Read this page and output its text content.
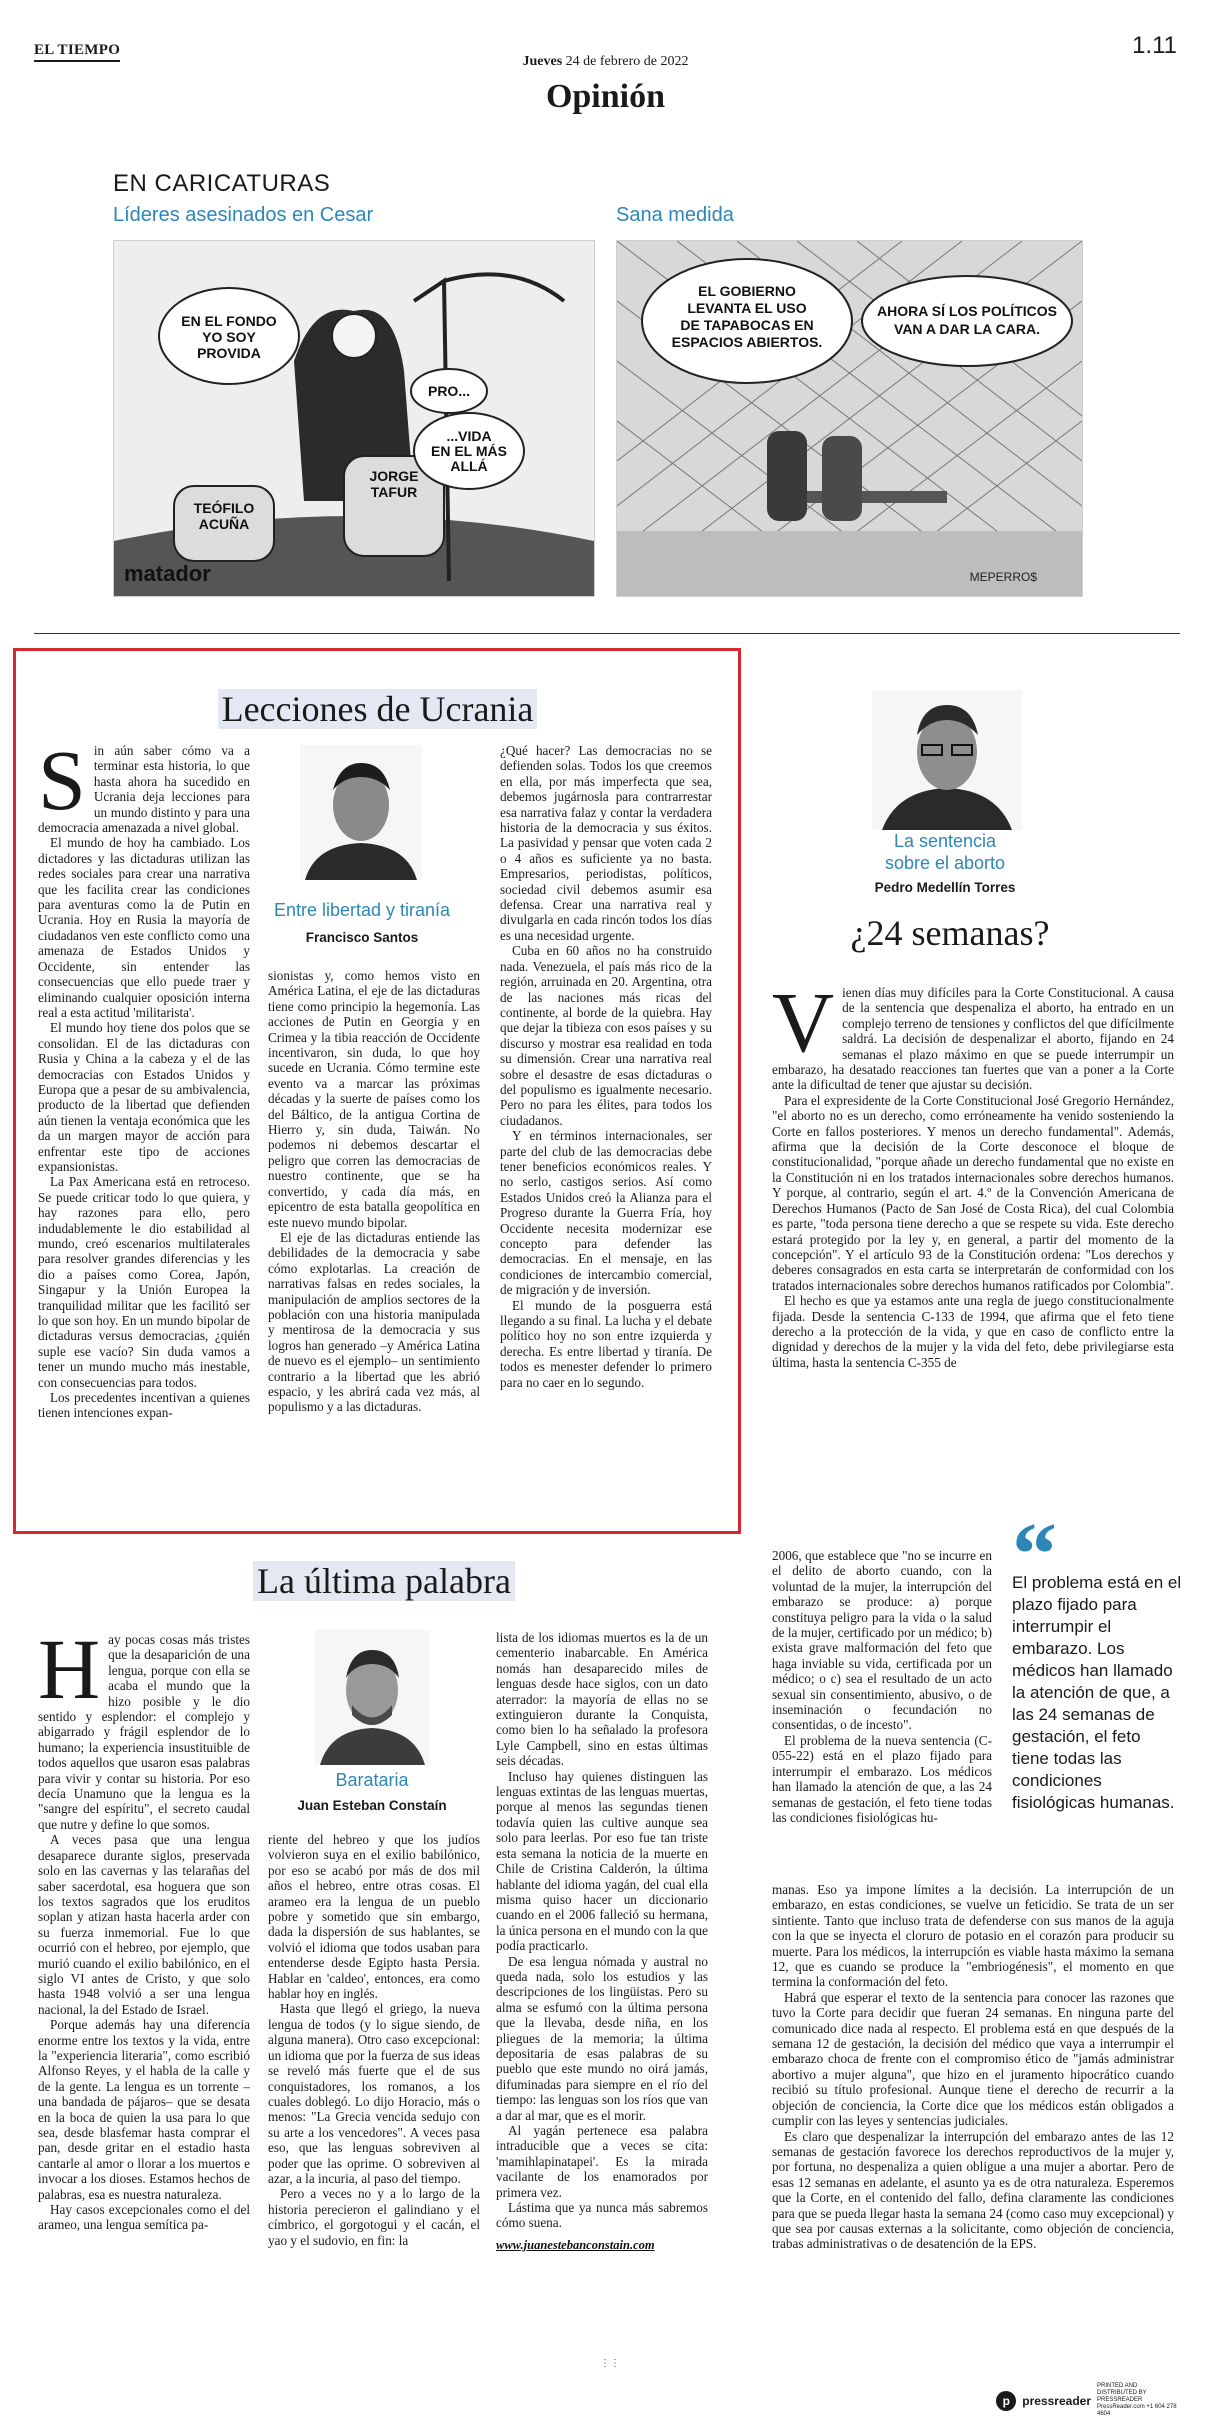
EL TIEMPO
Jueves 24 de febrero de 2022
1.11
Opinión
EN CARICATURAS
Líderes asesinados en Cesar	Sana medida
EN EL FONDO
YO SOY
PROVIDA
PRO...
...VIDA
EN EL MÁS
ALLÁ
TEÓFILO
ACUÑA
JORGE
TAFUR
matador
EL GOBIERNO
LEVANTA EL USO
DE TAPABOCAS EN
ESPACIOS ABIERTOS.
AHORA SÍ LOS POLÍTICOS
VAN A DAR LA CARA.
MEPERRO$
Lecciones de Ucrania

Sin aún saber cómo va a terminar esta historia, lo que hasta ahora ha sucedido en Ucrania deja lecciones para un mundo distinto y para una democracia amenazada a nivel global.

El mundo de hoy ha cambiado. Los dictadores y las dictaduras utilizan las redes sociales para crear una narrativa que les facilita crear las condiciones para aventuras como la de Putin en Ucrania. Hoy en Rusia la mayoría de ciudadanos ven este conflicto como una amenaza de Estados Unidos y Occidente, sin entender las consecuencias que ello puede traer y eliminando cualquier oposición interna real a esta actitud 'militarista'.

El mundo hoy tiene dos polos que se consolidan. El de las dictaduras con Rusia y China a la cabeza y el de las democracias con Estados Unidos y Europa que a pesar de su ambivalencia, producto de la libertad que defienden aún tienen la ventaja económica que les da un margen mayor de acción para enfrentar este tipo de acciones expansionistas.

La Pax Americana está en retroceso. Se puede criticar todo lo que quiera, y hay razones para ello, pero indudablemente le dio estabilidad al mundo, creó escenarios multilaterales para resolver grandes diferencias y les dio a países como Corea, Japón, Singapur y la Unión Europea la tranquilidad militar que les facilitó ser lo que son hoy. En un mundo bipolar de dictaduras versus democracias, ¿quién suple ese vacío? Sin duda vamos a tener un mundo mucho más inestable, con consecuencias para todos.

Los precedentes incentivan a quienes tienen intenciones expan-

Entre libertad y tiranía
Francisco Santos

sionistas y, como hemos visto en América Latina, el eje de las dictaduras tiene como principio la hegemonía. Las acciones de Putin en Georgia y en Crimea y la tibia reacción de Occidente incentivaron, sin duda, lo que hoy sucede en Ucrania. Cómo termine este evento va a marcar las próximas décadas y la suerte de países como los del Báltico, de la antigua Cortina de Hierro y, sin duda, Taiwán. No podemos ni debemos descartar el peligro que corren las democracias de nuestro continente, que se ha convertido, y cada día más, en epicentro de esta batalla geopolítica en este nuevo mundo bipolar.

El eje de las dictaduras entiende las debilidades de la democracia y sabe cómo explotarlas. La creación de narrativas falsas en redes sociales, la manipulación de amplios sectores de la población con una historia manipulada y mentirosa de la democracia y sus logros han generado –y América Latina de nuevo es el ejemplo– un sentimiento contrario a la libertad que les abrió espacio, y les abrirá cada vez más, al populismo y a las dictaduras.

¿Qué hacer? Las democracias no se defienden solas. Todos los que creemos en ella, por más imperfecta que sea, debemos jugárnosla para contrarrestar esa narrativa falaz y contar la verdadera historia de la democracia y sus éxitos. La pasividad y pensar que voten cada 2 o 4 años es suficiente ya no basta. Empresarios, periodistas, políticos, sociedad civil debemos asumir esa defensa. Crear una narrativa real y divulgarla en cada rincón todos los días es una necesidad urgente.

Cuba en 60 años no ha construido nada. Venezuela, el país más rico de la región, arruinada en 20. Argentina, otra de las naciones más ricas del continente, al borde de la quiebra. Hay que dejar la tibieza con esos países y su discurso y mostrar esa realidad en toda su dimensión. Crear una narrativa real sobre el desastre de esas dictaduras o del populismo es igualmente necesario. Pero no para les élites, para todos los ciudadanos.

Y en términos internacionales, ser parte del club de las democracias debe tener beneficios económicos reales. Y no serlo, castigos serios. Así como Estados Unidos creó la Alianza para el Progreso durante la Guerra Fría, hoy Occidente necesita modernizar ese concepto para defender las democracias. En el mensaje, en las condiciones de intercambio comercial, de migración y de inversión.

El mundo de la posguerra está llegando a su final. La lucha y el debate político hoy no son entre izquierda y derecha. Es entre libertad y tiranía. De todos es menester defender lo primero para no caer en lo segundo.

La última palabra

Hay pocas cosas más tristes que la desaparición de una lengua, porque con ella se acaba el mundo que la hizo posible y le dio sentido y esplendor: el complejo y abigarrado y frágil esplendor de lo humano; la experiencia insustituible de todos aquellos que usaron esas palabras para vivir y contar su historia. Por eso decía Unamuno que la lengua es la "sangre del espíritu", el secreto caudal que nutre y define lo que somos.

A veces pasa que una lengua desaparece durante siglos, preservada solo en las cavernas y las telarañas del saber sacerdotal, esa hoguera que son los textos sagrados que los eruditos soplan y atizan hasta hacerla arder con su fuerza inmemorial. Fue lo que ocurrió con el hebreo, por ejemplo, que murió cuando el exilio babilónico, en el siglo VI antes de Cristo, y que solo hasta 1948 volvió a ser una lengua nacional, la del Estado de Israel.

Porque además hay una diferencia enorme entre los textos y la vida, entre la "experiencia literaria", como escribió Alfonso Reyes, y el habla de la calle y de la gente. La lengua es un torrente –una bandada de pájaros– que se desata en la boca de quien la usa para lo que sea, desde blasfemar hasta comprar el pan, desde gritar en el estadio hasta cantarle al amor o llorar a los muertos e invocar a los dioses. Estamos hechos de palabras, esa es nuestra naturaleza.

Hay casos excepcionales como el del arameo, una lengua semítica pa-

Barataria
Juan Esteban Constaín

riente del hebreo y que los judíos volvieron suya en el exilio babilónico, por eso se acabó por más de dos mil años el hebreo, entre otras cosas. El arameo era la lengua de un pueblo pobre y sometido que sin embargo, dada la dispersión de sus hablantes, se volvió el idioma que todos usaban para entenderse desde Egipto hasta Persia. Hablar en 'caldeo', entonces, era como hablar hoy en inglés.

Hasta que llegó el griego, la nueva lengua de todos (y lo sigue siendo, de alguna manera). Otro caso excepcional: un idioma que por la fuerza de sus ideas se reveló más fuerte que el de sus conquistadores, los romanos, a los cuales doblegó. Lo dijo Horacio, más o menos: "La Grecia vencida sedujo con su arte a los vencedores". A veces pasa eso, que las lenguas sobreviven al poder que las oprime. O sobreviven al azar, a la incuria, al paso del tiempo.

Pero a veces no y a lo largo de la historia perecieron el galindiano y el címbrico, el gorgotogui y el cacán, el yao y el sudovio, en fin: la

lista de los idiomas muertos es la de un cementerio inabarcable. En América nomás han desaparecido miles de lenguas desde hace siglos, con un dato aterrador: la mayoría de ellas no se extinguieron durante la Conquista, como bien lo ha señalado la profesora Lyle Campbell, sino en estas últimas seis décadas.

Incluso hay quienes distinguen las lenguas extintas de las lenguas muertas, porque al menos las segundas tienen todavía quien las cultive aunque sea solo para leerlas. Por eso fue tan triste esta semana la noticia de la muerte en Chile de Cristina Calderón, la última hablante del idioma yagán, del cual ella misma quiso hacer un diccionario cuando en el 2006 falleció su hermana, la única persona en el mundo con la que podía practicarlo.

De esa lengua nómada y austral no queda nada, solo los estudios y las descripciones de los lingüistas. Pero su alma se esfumó con la última persona que la llevaba, desde niña, en los pliegues de la memoria; la última depositaria de esas palabras de su pueblo que este mundo no oirá jamás, difuminadas para siempre en el río del tiempo: las lenguas son los ríos que van a dar al mar, que es el morir.

Al yagán pertenece esa palabra intraducible que a veces se cita: 'mamihlapinatapei'. Es la mirada vacilante de los enamorados por primera vez.

Lástima que ya nunca más sabremos cómo suena.

www.juanestebanconstain.com

La sentencia
sobre el aborto
Pedro Medellín Torres
¿24 semanas?

Vienen días muy difíciles para la Corte Constitucional. A causa de la sentencia que despenaliza el aborto, ha entrado en un complejo terreno de tensiones y conflictos del que difícilmente saldrá. La decisión de despenalizar el aborto, fijando en 24 semanas el plazo máximo en que se puede interrumpir un embarazo, ha desatado reacciones tan fuertes que van a poner a la Corte ante la dificultad de tener que ajustar su decisión.

Para el expresidente de la Corte Constitucional José Gregorio Hernández, "el aborto no es un derecho, como erróneamente ha venido sosteniendo la Corte en fallos posteriores. Y menos un derecho fundamental". Además, afirma que la decisión de la Corte desconoce el bloque de constitucionalidad, "porque añade un derecho fundamental que no existe en la Constitución ni en los tratados internacionales sobre derechos humanos. Y porque, al contrario, según el art. 4.º de la Convención Americana de Derechos Humanos (Pacto de San José de Costa Rica), del cual Colombia es parte, "toda persona tiene derecho a que se respete su vida. Este derecho estará protegido por la ley y, en general, a partir del momento de la concepción". Y el artículo 93 de la Constitución ordena: "Los derechos y deberes consagrados en esta carta se interpretarán de conformidad con los tratados internacionales sobre derechos humanos ratificados por Colombia".

El hecho es que ya estamos ante una regla de juego constitucionalmente fijada. Desde la sentencia C-133 de 1994, que afirma que el feto tiene derecho a la protección de la vida, y que en caso de conflicto entre la dignidad y derechos de la mujer y la vida del feto, debe privilegiarse esta última, hasta la sentencia C-355 de

2006, que establece que "no se incurre en el delito de aborto cuando, con la voluntad de la mujer, la interrupción del embarazo se produce: a) porque constituya peligro para la vida o la salud de la mujer, certificado por un médico; b) exista grave malformación del feto que haga inviable su vida, certificada por un médico; o c) sea el resultado de un acto sexual sin consentimiento, abusivo, o de inseminación o fecundación no consentidas, o de incesto".

El problema de la nueva sentencia (C-055-22) está en el plazo fijado para interrumpir el embarazo. Los médicos han llamado la atención de que, a las 24 semanas de gestación, el feto tiene todas las condiciones fisiológicas hu-

“
El problema está en el plazo fijado para interrumpir el embarazo. Los médicos han llamado la atención de que, a las 24 semanas de gestación, el feto tiene todas las condiciones fisiológicas humanas.

manas. Eso ya impone límites a la decisión. La interrupción de un embarazo, en estas condiciones, se vuelve un feticidio. Se trata de un ser sintiente. Tanto que incluso trata de defenderse con sus manos de la aguja con la que se inyecta el cloruro de potasio en el corazón para producir su muerte. Para los médicos, la interrupción es viable hasta máximo la semana 12, que es cuando se produce la "embriogénesis", el momento en que termina la conformación del feto.

Habrá que esperar el texto de la sentencia para conocer las razones que tuvo la Corte para decidir que fueran 24 semanas. En ninguna parte del comunicado dice nada al respecto. El problema está en que después de la semana 12 de gestación, la decisión del médico que vaya a interrumpir el embarazo choca de frente con el compromiso ético de "jamás administrar abortivo a mujer alguna", que hizo en el juramento hipocrático cuando recibió su título profesional. Aunque tiene el derecho de recurrir a la objeción de conciencia, la Corte dice que los médicos están obligados a cumplir con las leyes y sentencias judiciales.

Es claro que despenalizar la interrupción del embarazo antes de las 12 semanas de gestación favorece los derechos reproductivos de la mujer y, por fortuna, no despenaliza a quien obligue a una mujer a abortar. Pero de esas 12 semanas en adelante, el asunto ya es de otra naturaleza. Esperemos que la Corte, en el contenido del fallo, defina claramente las condiciones para que se pueda llegar hasta la semana 24 (como caso muy excepcional) y que sea por causas externas a la solicitante, como objeción de conciencia, trabas administrativas o de desatención de la EPS.

⋮⋮
p	pressreader
PRINTED AND DISTRIBUTED BY PRESSREADER PressReader.com +1 604 278 4604
